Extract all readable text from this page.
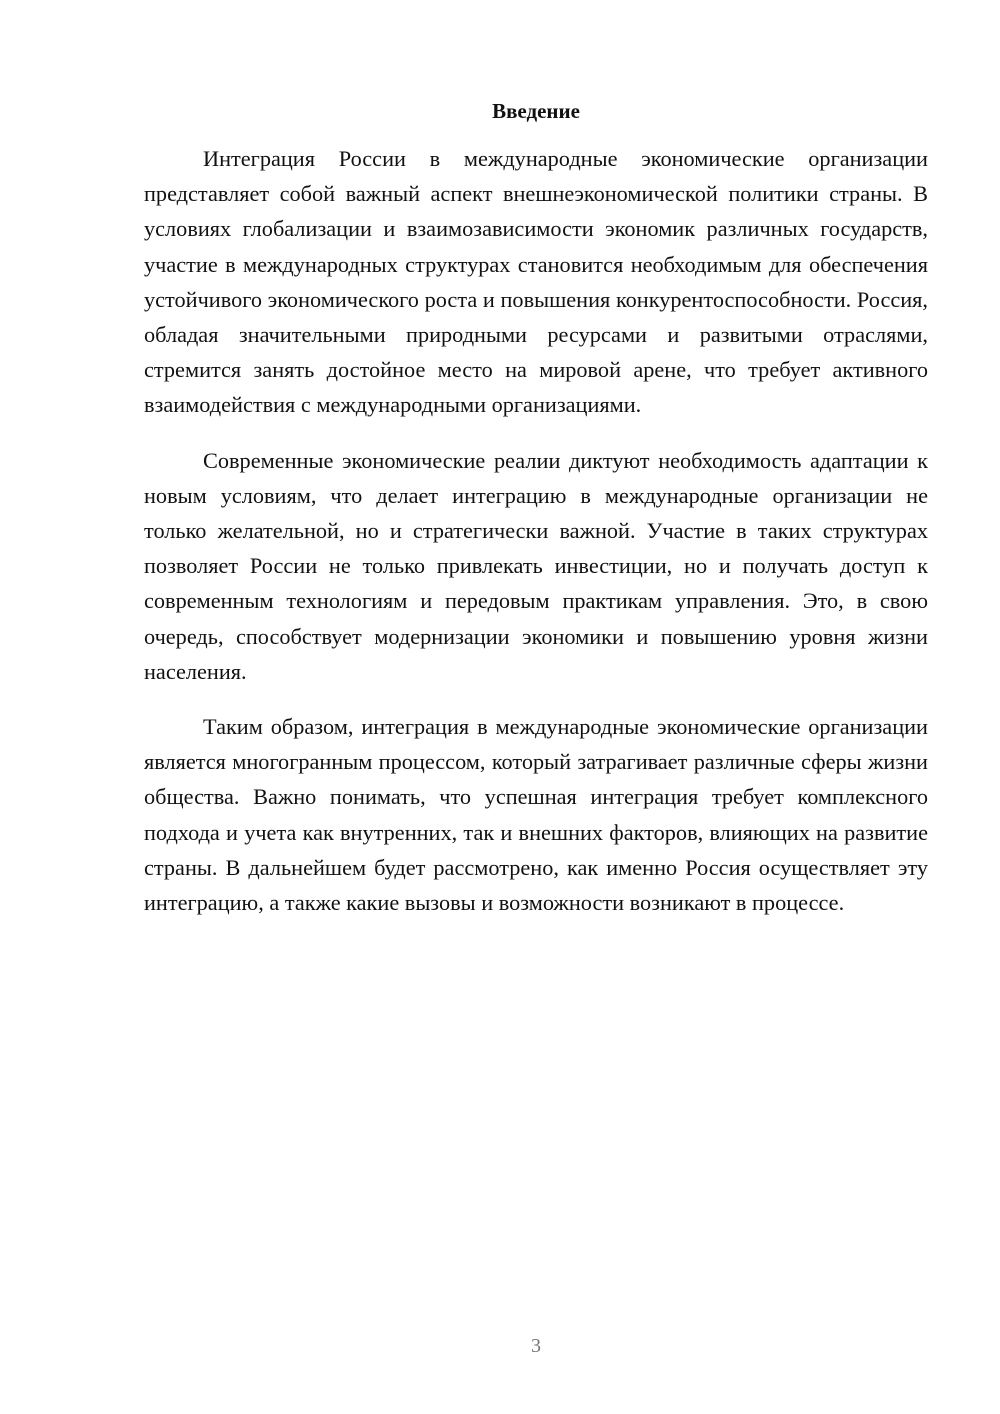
Введение

Интеграция России в международные экономические организации представляет собой важный аспект внешнеэкономической политики страны. В условиях глобализации и взаимозависимости экономик различных государств, участие в международных структурах становится необходимым для обеспечения устойчивого экономического роста и повышения конкурентоспособности. Россия, обладая значительными природными ресурсами и развитыми отраслями, стремится занять достойное место на мировой арене, что требует активного взаимодействия с международными организациями.

Современные экономические реалии диктуют необходимость адаптации к новым условиям, что делает интеграцию в международные организации не только желательной, но и стратегически важной. Участие в таких структурах позволяет России не только привлекать инвестиции, но и получать доступ к современным технологиям и передовым практикам управления. Это, в свою очередь, способствует модернизации экономики и повышению уровня жизни населения.

Таким образом, интеграция в международные экономические организации является многогранным процессом, который затрагивает различные сферы жизни общества. Важно понимать, что успешная интеграция требует комплексного подхода и учета как внутренних, так и внешних факторов, влияющих на развитие страны. В дальнейшем будет рассмотрено, как именно Россия осуществляет эту интеграцию, а также какие вызовы и возможности возникают в процессе.

3
